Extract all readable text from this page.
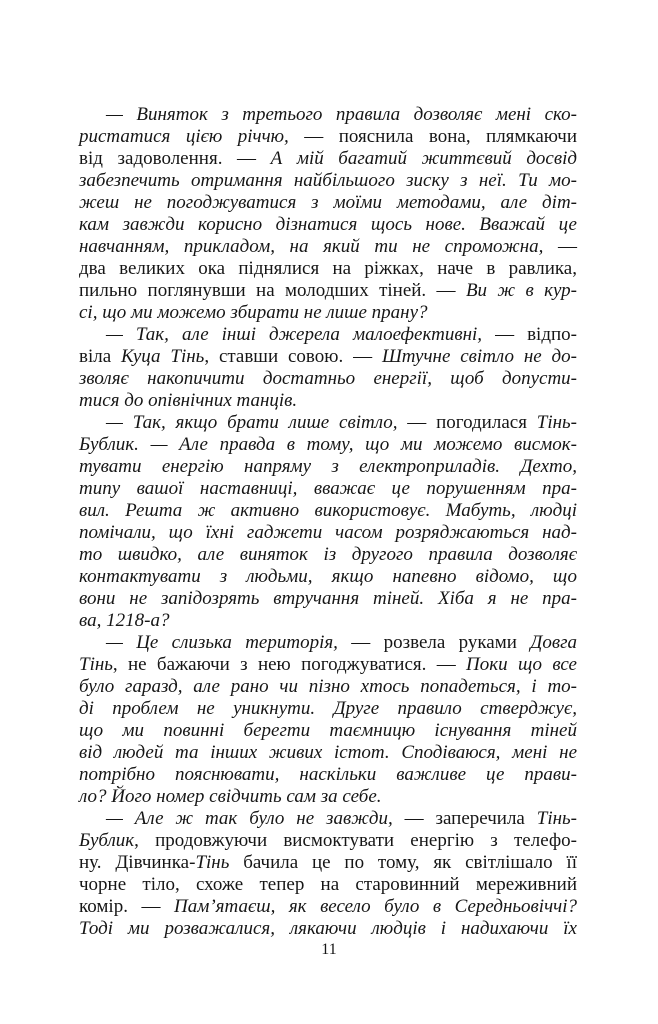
— Виняток з третього правила дозволяє мені ско-
ристатися цією річчю, — пояснила вона, плямкаючи
від задоволення. — А мій багатий життєвий досвід
забезпечить отримання найбільшого зиску з неї. Ти мо-
жеш не погоджуватися з моїми методами, але діт-
кам завжди корисно дізнатися щось нове. Вважай це
навчанням, прикладом, на який ти не спроможна, —
два великих ока піднялися на ріжках, наче в равлика,
пильно поглянувши на молодших тіней. — Ви ж в кур-
сі, що ми можемо збирати не лише прану?
— Так, але інші джерела малоефективні, — відпо-
віла Куца Тінь, ставши совою. — Штучне світло не до-
зволяє накопичити достатньо енергії, щоб допусти-
тися до опівнічних танців.
— Так, якщо брати лише світло, — погодилася Тінь-
Бублик. — Але правда в тому, що ми можемо висмок-
тувати енергію напряму з електроприладів. Дехто,
типу вашої наставниці, вважає це порушенням пра-
вил. Решта ж активно використовує. Мабуть, людці
помічали, що їхні гаджети часом розряджаються над-
то швидко, але виняток із другого правила дозволяє
контактувати з людьми, якщо напевно відомо, що
вони не запідозрять втручання тіней. Хіба я не пра-
ва, 1218-а?
— Це слизька територія, — розвела руками Довга
Тінь, не бажаючи з нею погоджуватися. — Поки що все
було гаразд, але рано чи пізно хтось попадеться, і то-
ді проблем не уникнути. Друге правило стверджує,
що ми повинні берегти таємницю існування тіней
від людей та інших живих істот. Сподіваюся, мені не
потрібно пояснювати, наскільки важливе це прави-
ло? Його номер свідчить сам за себе.
— Але ж так було не завжди, — заперечила Тінь-
Бублик, продовжуючи висмоктувати енергію з телефо-
ну. Дівчинка-Тінь бачила це по тому, як світлішало її
чорне тіло, схоже тепер на старовинний мереживний
комір. — Пам’ятаєш, як весело було в Середньовіччі?
Тоді ми розважалися, лякаючи людців і надихаючи їх
11
